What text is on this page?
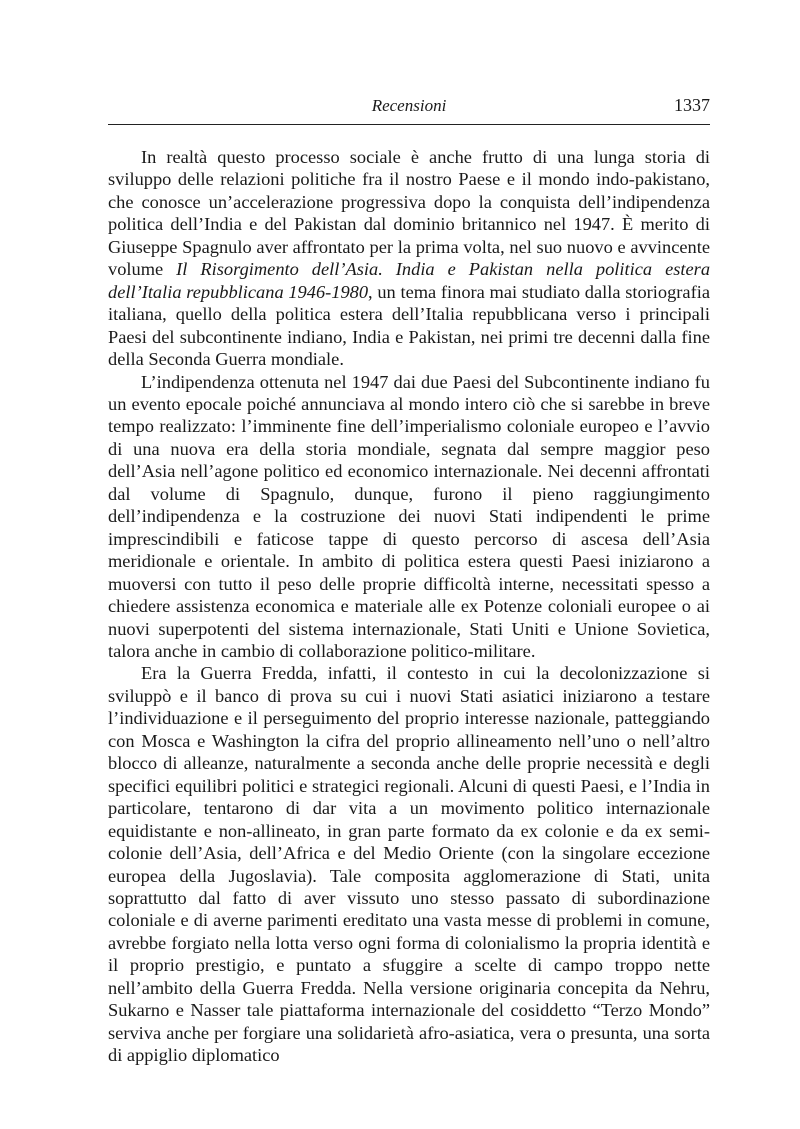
Recensioni	1337

In realtà questo processo sociale è anche frutto di una lunga storia di sviluppo delle relazioni politiche fra il nostro Paese e il mondo indo-pakistano, che conosce un’accelerazione progressiva dopo la conquista dell’indipendenza politica dell’India e del Pakistan dal dominio britannico nel 1947. È merito di Giuseppe Spagnulo aver affrontato per la prima volta, nel suo nuovo e avvincente volume Il Risorgimento dell’Asia. India e Pakistan nella politica estera dell’Italia repubblicana 1946-1980, un tema finora mai studiato dalla storiografia italiana, quello della politica estera dell’Italia repubblicana verso i principali Paesi del subcontinente indiano, India e Pakistan, nei primi tre decenni dalla fine della Seconda Guerra mondiale.

L’indipendenza ottenuta nel 1947 dai due Paesi del Subcontinente indiano fu un evento epocale poiché annunciava al mondo intero ciò che si sarebbe in breve tempo realizzato: l’imminente fine dell’imperialismo coloniale europeo e l’avvio di una nuova era della storia mondiale, segnata dal sempre maggior peso dell’Asia nell’agone politico ed economico internazionale. Nei decenni affrontati dal volume di Spagnulo, dunque, furono il pieno raggiungimento dell’indipendenza e la costruzione dei nuovi Stati indipendenti le prime imprescindibili e faticose tappe di questo percorso di ascesa dell’Asia meridionale e orientale. In ambito di politica estera questi Paesi iniziarono a muoversi con tutto il peso delle proprie difficoltà interne, necessitati spesso a chiedere assistenza economica e materiale alle ex Potenze coloniali europee o ai nuovi superpotenti del sistema internazionale, Stati Uniti e Unione Sovietica, talora anche in cambio di collaborazione politico-militare.

Era la Guerra Fredda, infatti, il contesto in cui la decolonizzazione si sviluppò e il banco di prova su cui i nuovi Stati asiatici iniziarono a testare l’individuazione e il perseguimento del proprio interesse nazionale, patteggiando con Mosca e Washington la cifra del proprio allineamento nell’uno o nell’altro blocco di alleanze, naturalmente a seconda anche delle proprie necessità e degli specifici equilibri politici e strategici regionali. Alcuni di questi Paesi, e l’India in particolare, tentarono di dar vita a un movimento politico internazionale equidistante e non-allineato, in gran parte formato da ex colonie e da ex semi-colonie dell’Asia, dell’Africa e del Medio Oriente (con la singolare eccezione europea della Jugoslavia). Tale composita agglomerazione di Stati, unita soprattutto dal fatto di aver vissuto uno stesso passato di subordinazione coloniale e di averne parimenti ereditato una vasta messe di problemi in comune, avrebbe forgiato nella lotta verso ogni forma di colonialismo la propria identità e il proprio prestigio, e puntato a sfuggire a scelte di campo troppo nette nell’ambito della Guerra Fredda. Nella versione originaria concepita da Nehru, Sukarno e Nasser tale piattaforma internazionale del cosiddetto “Terzo Mondo” serviva anche per forgiare una solidarietà afro-asiatica, vera o presunta, una sorta di appiglio diplomatico
